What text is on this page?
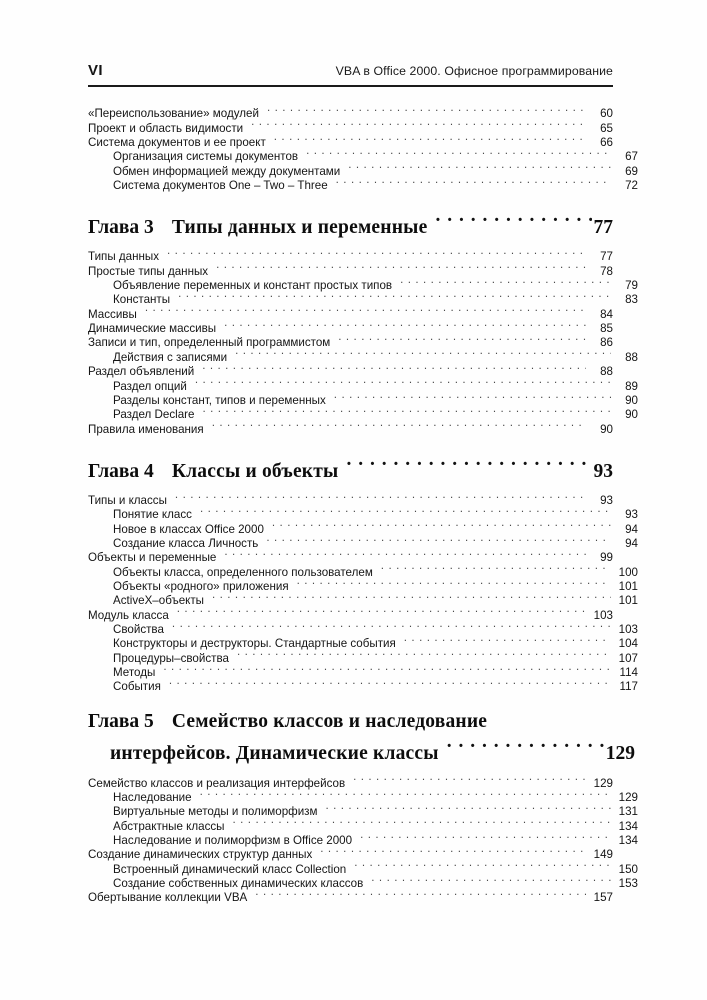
VI	VBA в Office 2000. Офисное программирование
«Переиспользование» модулей . . .	60
Проект и область видимости . . .	65
Система документов и ее проект . . .	66
Организация системы документов . . .	67
Обмен информацией между документами . . .	69
Система документов One – Two – Three . . .	72
Глава 3 Типы данных и переменные . . .	77
Типы данных . . .	77
Простые типы данных . . .	78
Объявление переменных и констант простых типов . . .	79
Константы . . .	83
Массивы . . .	84
Динамические массивы . . .	85
Записи и тип, определенный программистом . . .	86
Действия с записями . . .	88
Раздел объявлений . . .	88
Раздел опций . . .	89
Разделы констант, типов и переменных . . .	90
Раздел Declare . . .	90
Правила именования . . .	90
Глава 4 Классы и объекты . . .	93
Типы и классы . . .	93
Понятие класс . . .	93
Новое в классах Office 2000 . . .	94
Создание класса Личность . . .	94
Объекты и переменные . . .	99
Объекты класса, определенного пользователем . . .	100
Объекты «родного» приложения . . .	101
ActiveX–объекты . . .	101
Модуль класса . . .	103
Свойства . . .	103
Конструкторы и деструкторы. Стандартные события . . .	104
Процедуры–свойства . . .	107
Методы . . .	114
События . . .	117
Глава 5 Семейство классов и наследование
интерфейсов. Динамические классы . . .	129
Семейство классов и реализация интерфейсов . . .	129
Наследование . . .	129
Виртуальные методы и полиморфизм . . .	131
Абстрактные классы . . .	134
Наследование и полиморфизм в Office 2000 . . .	134
Создание динамических структур данных . . .	149
Встроенный динамический класс Collection . . .	150
Создание собственных динамических классов . . .	153
Обертывание коллекции VBA . . .	157
